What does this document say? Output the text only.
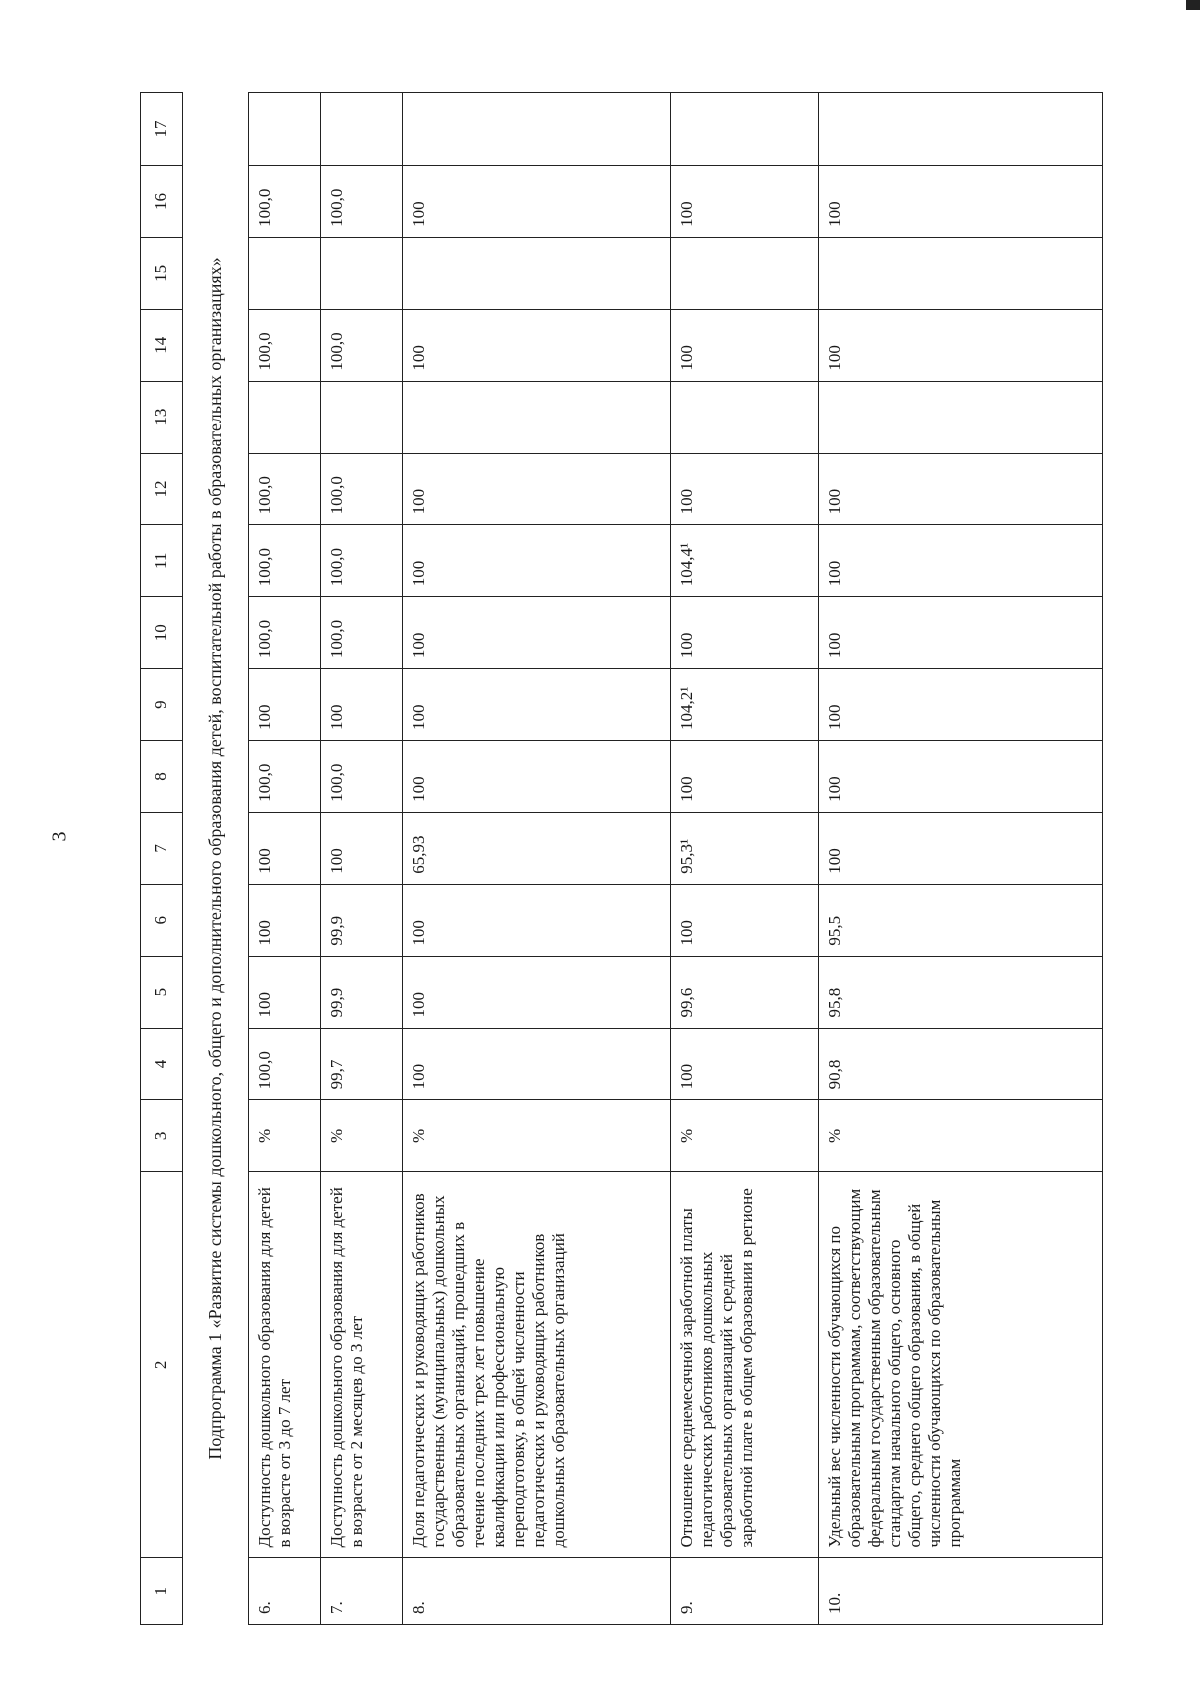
3
1	2	3	4	5	6	7	8	9	10	11	12	13	14	15	16	17
Подпрограмма 1 «Развитие системы дошкольного, общего и дополнительного образования детей, воспитательной работы в образовательных организациях»																
6.	Доступность дошкольного образования для детей в возрасте от 3 до 7 лет	%	100,0	100	100	100	100,0	100	100,0	100,0	100,0		100,0		100,0	
7.	Доступность дошкольного образования для детей в возрасте от 2 месяцев до 3 лет	%	99,7	99,9	99,9	100	100,0	100	100,0	100,0	100,0		100,0		100,0	
8.	Доля педагогических и руководящих работников государственных (муниципальных) дошкольных образовательных организаций, прошедших в течение последних трех лет повышение квалификации или профессиональную переподготовку, в общей численности педагогических и руководящих работников дошкольных образовательных организаций	%	100	100	100	65,93	100	100	100	100	100		100		100	
9.	Отношение среднемесячной заработной платы педагогических работников дошкольных образовательных организаций к средней заработной плате в общем образовании в регионе	%	100	99,6	100	95,3¹	100	104,2¹	100	104,4¹	100		100		100	
10.	Удельный вес численности обучающихся по образовательным программам, соответствующим федеральным государственным образовательным стандартам начального общего, основного общего, среднего общего образования, в общей численности обучающихся по образовательным программам	%	90,8	95,8	95,5	100	100	100	100	100	100		100		100	
